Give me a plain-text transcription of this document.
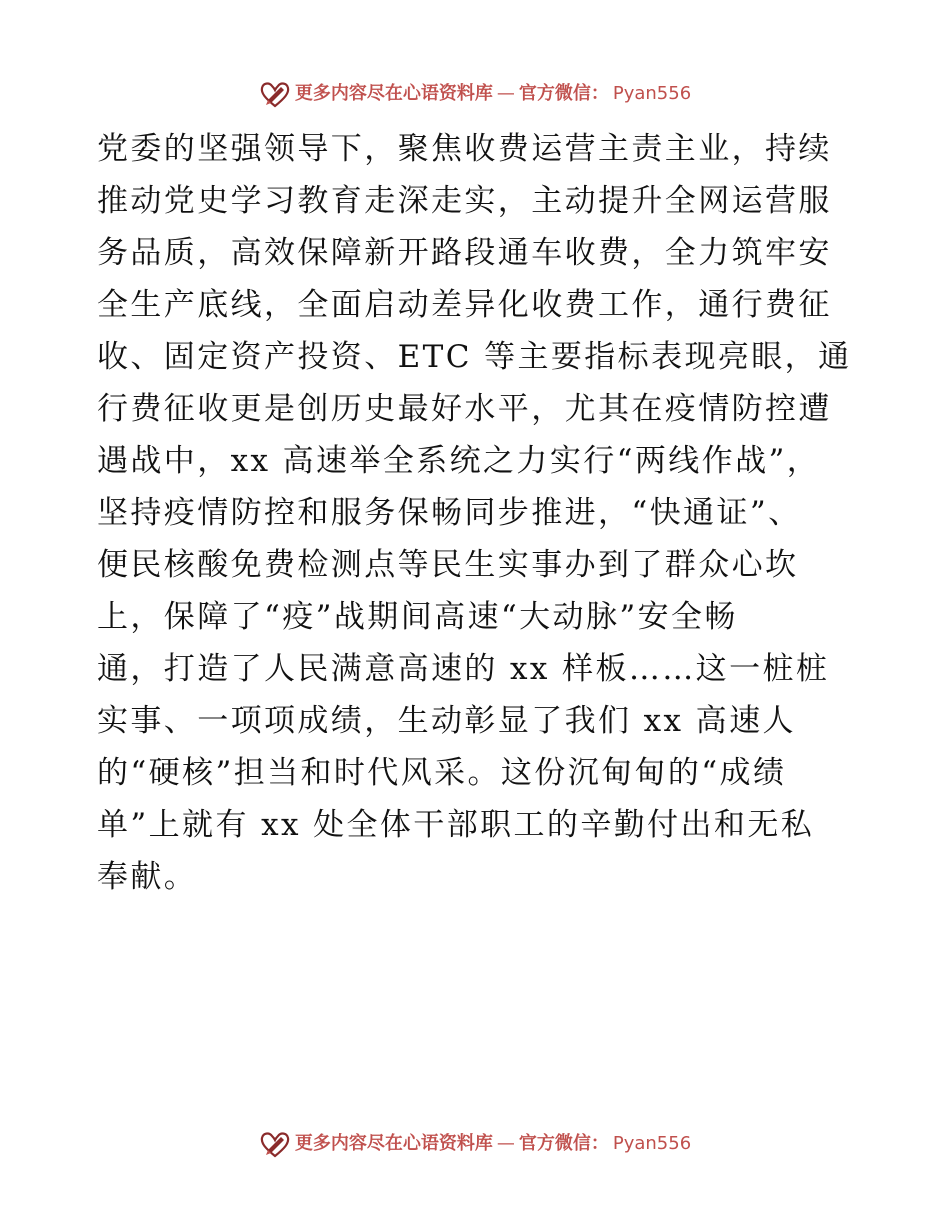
更多内容尽在心语资料库 — 官方微信： Pyan556
党委的坚强领导下，聚焦收费运营主责主业，持续
推动党史学习教育走深走实，主动提升全网运营服
务品质，高效保障新开路段通车收费，全力筑牢安
全生产底线，全面启动差异化收费工作，通行费征
收、固定资产投资、ETC 等主要指标表现亮眼，通
行费征收更是创历史最好水平，尤其在疫情防控遭
遇战中，xx 高速举全系统之力实行“两线作战”，
坚持疫情防控和服务保畅同步推进，“快通证”、
便民核酸免费检测点等民生实事办到了群众心坎
上，保障了“疫”战期间高速“大动脉”安全畅
通，打造了人民满意高速的 xx 样板……这一桩桩
实事、一项项成绩，生动彰显了我们 xx 高速人
的“硬核”担当和时代风采。这份沉甸甸的“成绩
单”上就有 xx 处全体干部职工的辛勤付出和无私
奉献。
更多内容尽在心语资料库 — 官方微信： Pyan556
